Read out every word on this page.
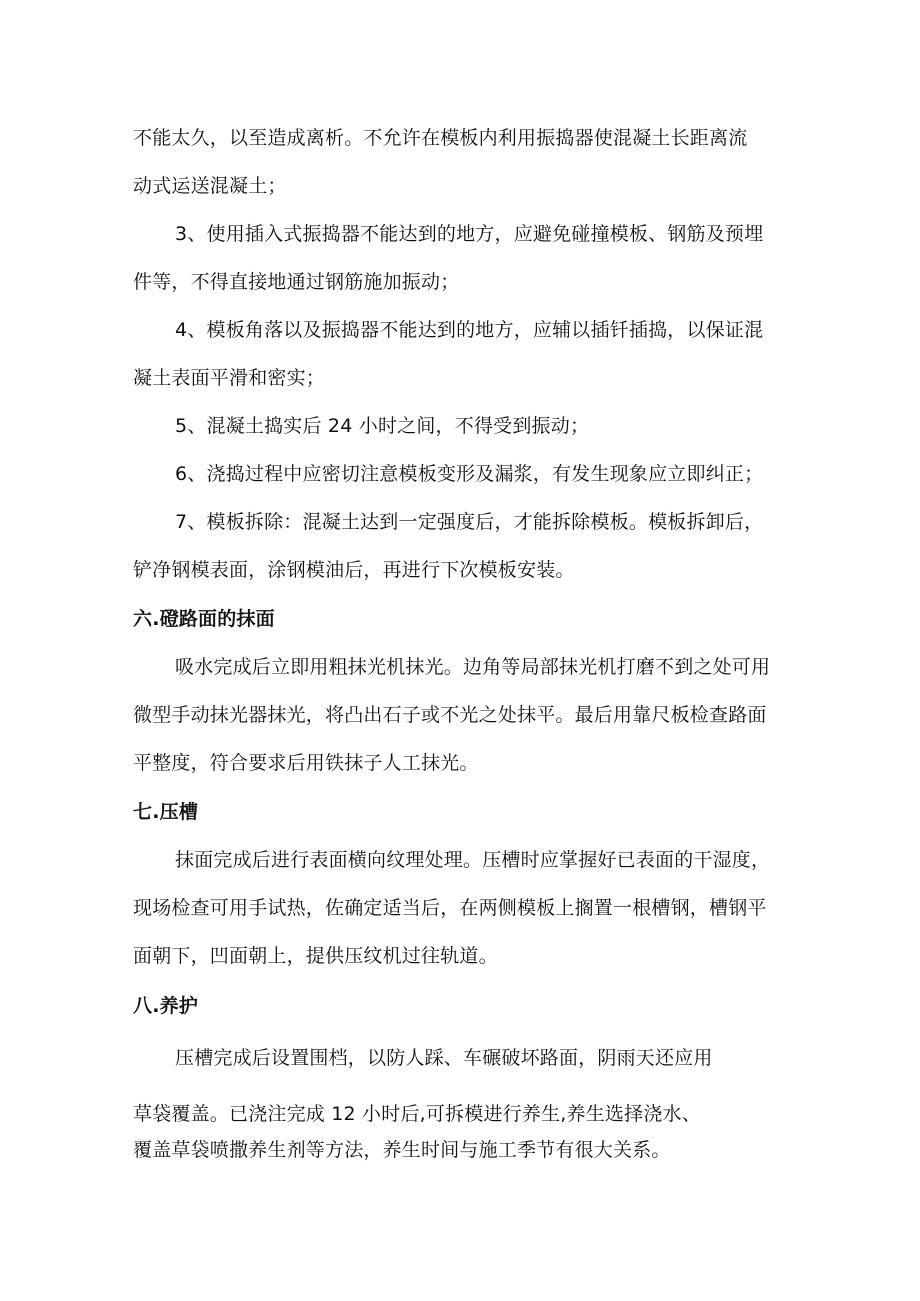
不能太久，以至造成离析。不允许在模板内利用振捣器使混凝土长距离流
动式运送混凝土；
3、使用插入式振捣器不能达到的地方，应避免碰撞模板、钢筋及预埋
件等，不得直接地通过钢筋施加振动；
4、模板角落以及振捣器不能达到的地方，应辅以插钎插捣，以保证混
凝土表面平滑和密实；
5、混凝土捣实后 24 小时之间，不得受到振动；
6、浇捣过程中应密切注意模板变形及漏浆，有发生现象应立即纠正；
7、模板拆除：混凝土达到一定强度后，才能拆除模板。模板拆卸后，
铲净钢模表面，涂钢模油后，再进行下次模板安装。
六.磴路面的抹面
吸水完成后立即用粗抹光机抹光。边角等局部抹光机打磨不到之处可用
微型手动抹光器抹光，将凸出石子或不光之处抹平。最后用靠尺板检查路面
平整度，符合要求后用铁抹子人工抹光。
七.压槽
抹面完成后进行表面横向纹理处理。压槽时应掌握好已表面的干湿度，
现场检查可用手试热，佐确定适当后，在两侧模板上搁置一根槽钢，槽钢平
面朝下，凹面朝上，提供压纹机过往轨道。
八.养护
压槽完成后设置围档，以防人踩、车碾破坏路面，阴雨天还应用
草袋覆盖。已浇注完成 12 小时后,可拆模进行养生,养生选择浇水、
覆盖草袋喷撒养生剂等方法，养生时间与施工季节有很大关系。
